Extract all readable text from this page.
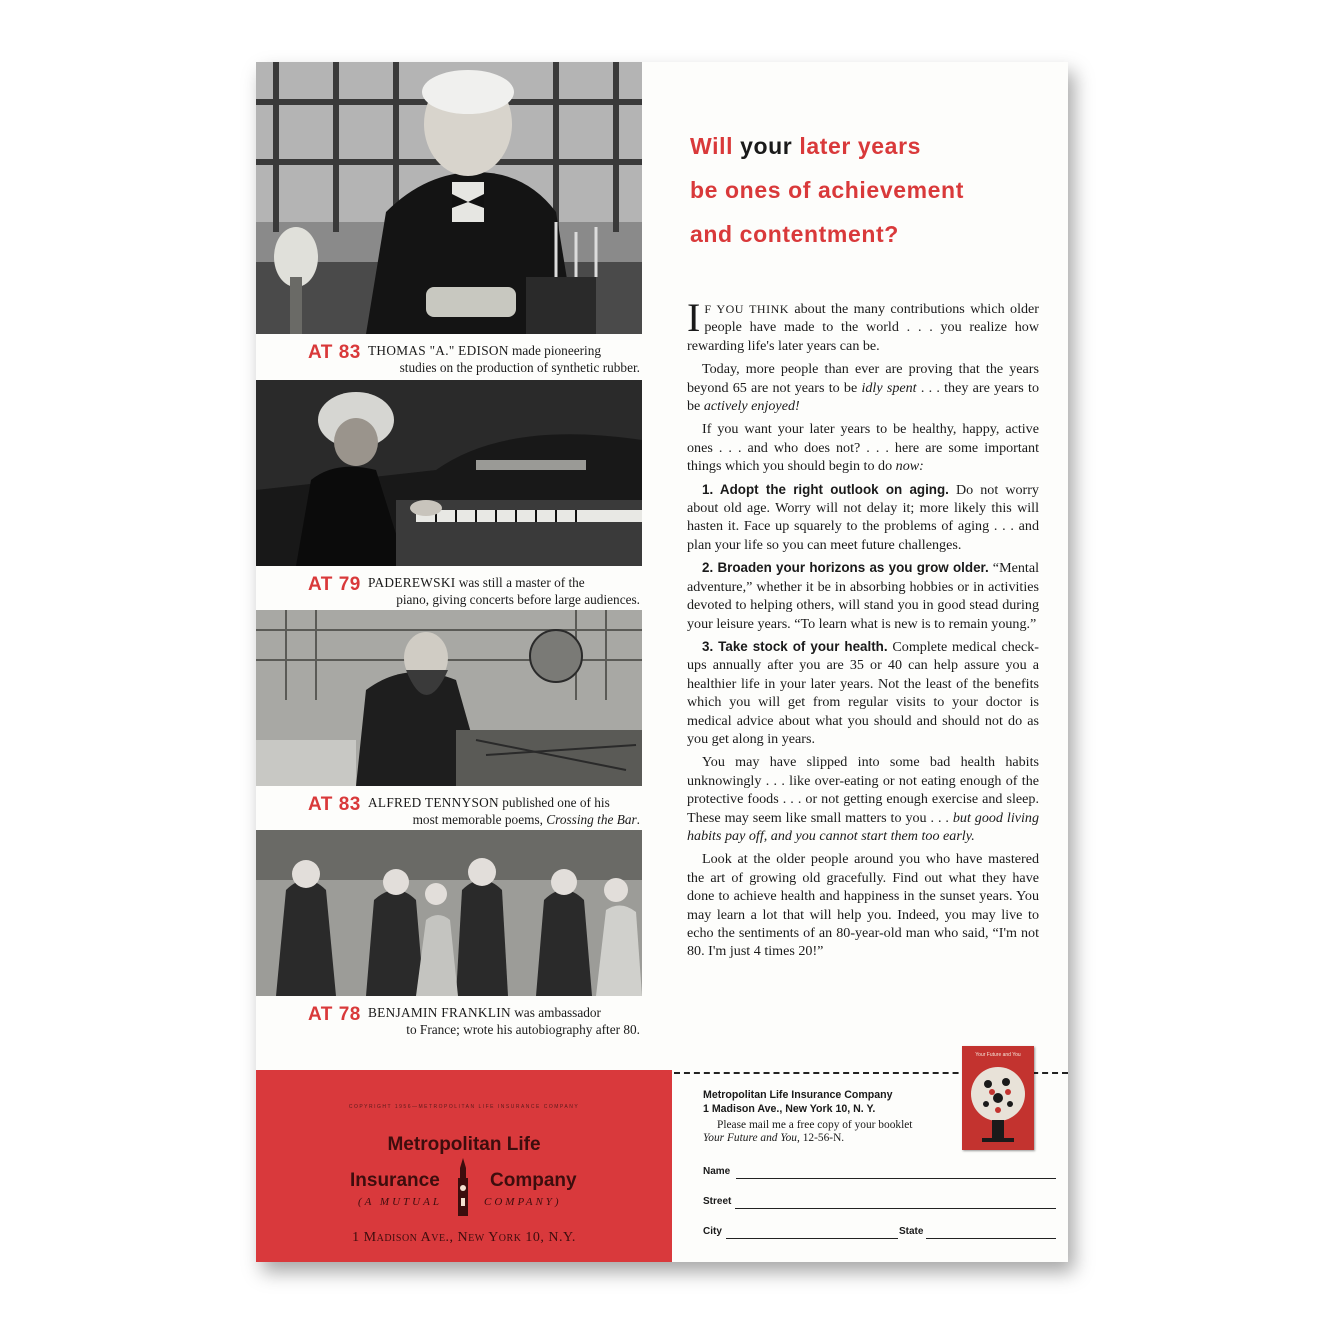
AT 83 THOMAS "A." EDISON made pioneering
studies on the production of synthetic rubber.
AT 79 PADEREWSKI was still a master of the
piano, giving concerts before large audiences.
AT 83 ALFRED TENNYSON published one of his
most memorable poems, Crossing the Bar.
AT 78 BENJAMIN FRANKLIN was ambassador
to France; wrote his autobiography after 80.
COPYRIGHT 1956—METROPOLITAN LIFE INSURANCE COMPANY
Metropolitan Life
Insurance	Company
(A MUTUAL	COMPANY)
1 Madison Ave., New York 10, N.Y.
Will your later years
be ones of achievement
and contentment?

I F YOU THINK about the many contributions which older people have made to the world . . . you realize how rewarding life's later years can be.

Today, more people than ever are proving that the years beyond 65 are not years to be idly spent . . . they are years to be actively enjoyed!

If you want your later years to be healthy, happy, active ones . . . and who does not? . . . here are some important things which you should begin to do now:

1. Adopt the right outlook on aging. Do not worry about old age. Worry will not delay it; more likely this will hasten it. Face up squarely to the problems of aging . . . and plan your life so you can meet future challenges.

2. Broaden your horizons as you grow older. “Mental adventure,” whether it be in absorbing hobbies or in activities devoted to helping others, will stand you in good stead during your leisure years. “To learn what is new is to remain young.”

3. Take stock of your health. Complete medical check-ups annually after you are 35 or 40 can help assure you a healthier life in your later years. Not the least of the benefits which you will get from regular visits to your doctor is medical advice about what you should and should not do as you get along in years.

You may have slipped into some bad health habits unknowingly . . . like over-eating or not eating enough of the protective foods . . . or not getting enough exercise and sleep. These may seem like small matters to you . . . but good living habits pay off, and you cannot start them too early.

Look at the older people around you who have mastered the art of growing old gracefully. Find out what they have done to achieve health and happiness in the sunset years. You may learn a lot that will help you. Indeed, you may live to echo the sentiments of an 80-year-old man who said, “I'm not 80. I'm just 4 times 20!”

Your Future and You
Metropolitan Life Insurance Company
1 Madison Ave., New York 10, N. Y.
Please mail me a free copy of your booklet
Your Future and You, 12-56-N.
Name
Street
City	State
